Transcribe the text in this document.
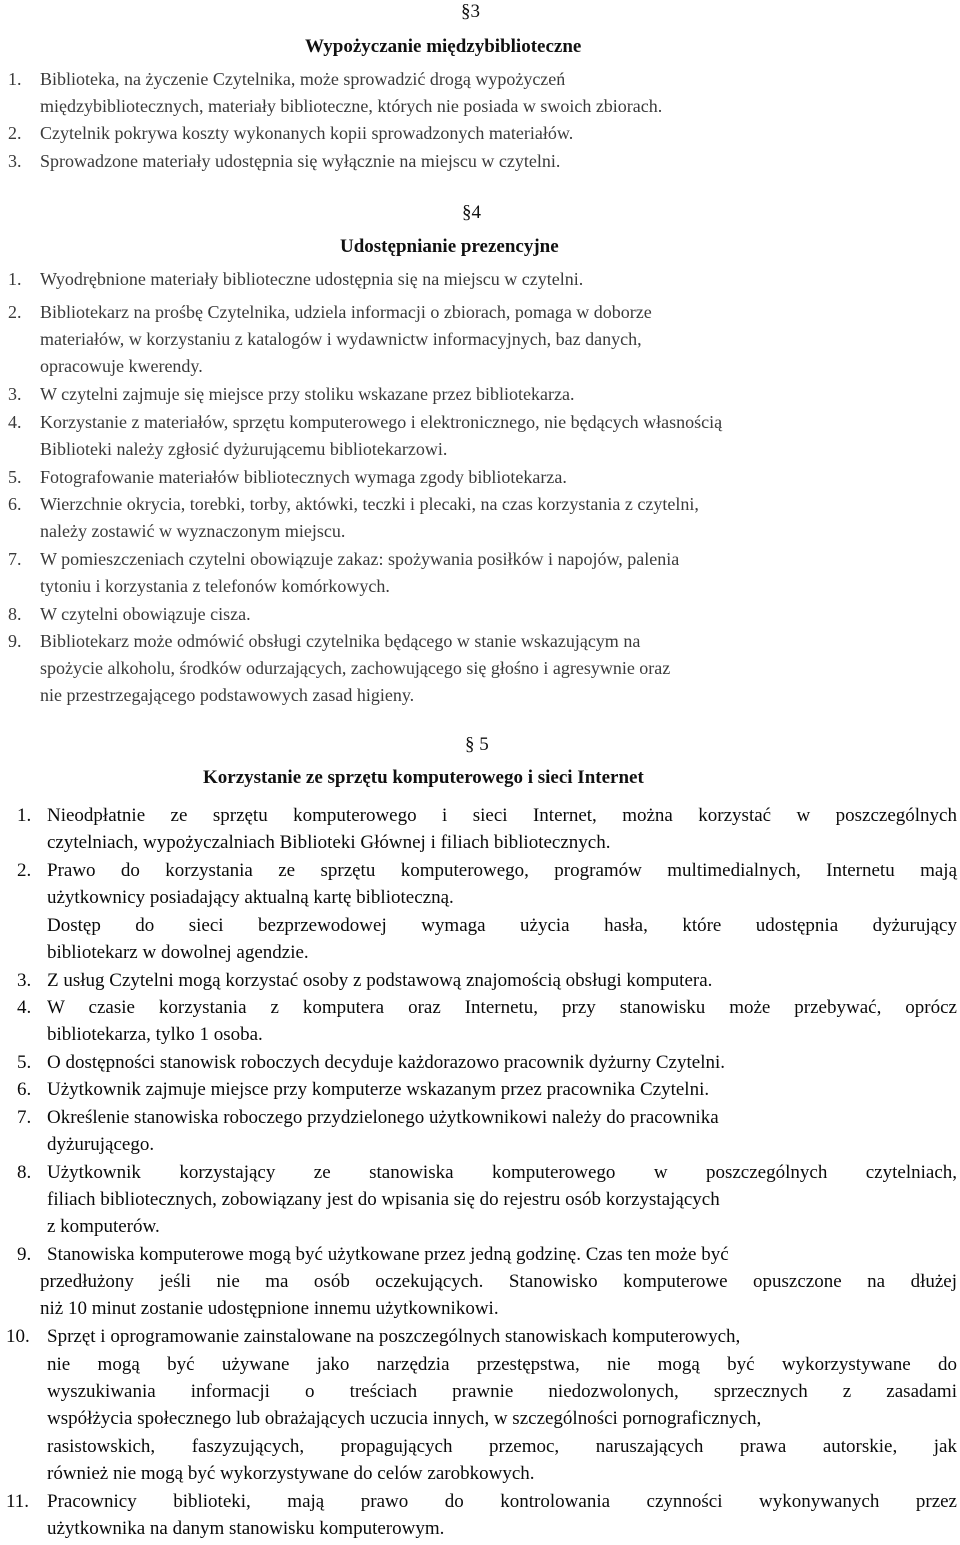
§3
Wypożyczanie międzybiblioteczne
1. Biblioteka, na życzenie Czytelnika, może sprowadzić drogą wypożyczeń
międzybibliotecznych, materiały biblioteczne, których nie posiada w swoich zbiorach.
2. Czytelnik pokrywa koszty wykonanych kopii sprowadzonych materiałów.
3. Sprowadzone materiały udostępnia się wyłącznie na miejscu w czytelni.
§4
Udostępnianie prezencyjne
1. Wyodrębnione materiały biblioteczne udostępnia się na miejscu w czytelni.
2. Bibliotekarz na prośbę Czytelnika, udziela informacji o zbiorach, pomaga w doborze
materiałów, w korzystaniu z katalogów i wydawnictw informacyjnych, baz danych,
opracowuje kwerendy.
3. W czytelni zajmuje się miejsce przy stoliku wskazane przez bibliotekarza.
4. Korzystanie z materiałów, sprzętu komputerowego i elektronicznego, nie będących własnością
Biblioteki należy zgłosić dyżurującemu bibliotekarzowi.
5. Fotografowanie materiałów bibliotecznych wymaga zgody bibliotekarza.
6. Wierzchnie okrycia, torebki, torby, aktówki, teczki i plecaki, na czas korzystania z czytelni,
należy zostawić w wyznaczonym miejscu.
7. W pomieszczeniach czytelni obowiązuje zakaz: spożywania posiłków i napojów, palenia
tytoniu i korzystania z telefonów komórkowych.
8. W czytelni obowiązuje cisza.
9. Bibliotekarz może odmówić obsługi czytelnika będącego w stanie wskazującym na
spożycie alkoholu, środków odurzających, zachowującego się głośno i agresywnie oraz
nie przestrzegającego podstawowych zasad higieny.
§ 5
Korzystanie ze sprzętu komputerowego i sieci Internet
1. Nieodpłatnie ze sprzętu komputerowego i sieci Internet, można korzystać w poszczególnych
czytelniach, wypożyczalniach Biblioteki Głównej i filiach bibliotecznych.
2. Prawo do korzystania ze sprzętu komputerowego, programów multimedialnych, Internetu mają
użytkownicy posiadający aktualną kartę biblioteczną.
Dostęp do sieci bezprzewodowej wymaga użycia hasła, które udostępnia dyżurujący
bibliotekarz w dowolnej agendzie.
3. Z usług Czytelni mogą korzystać osoby z podstawową znajomością obsługi komputera.
4. W czasie korzystania z komputera oraz Internetu, przy stanowisku może przebywać, oprócz
bibliotekarza, tylko 1 osoba.
5. O dostępności stanowisk roboczych decyduje każdorazowo pracownik dyżurny Czytelni.
6. Użytkownik zajmuje miejsce przy komputerze wskazanym przez pracownika Czytelni.
7. Określenie stanowiska roboczego przydzielonego użytkownikowi należy do pracownika
dyżurującego.
8. Użytkownik korzystający ze stanowiska komputerowego w poszczególnych czytelniach,
filiach bibliotecznych, zobowiązany jest do wpisania się do rejestru osób korzystających
z komputerów.
9. Stanowiska komputerowe mogą być użytkowane przez jedną godzinę. Czas ten może być
przedłużony jeśli nie ma osób oczekujących. Stanowisko komputerowe opuszczone na dłużej
niż 10 minut zostanie udostępnione innemu użytkownikowi.
10. Sprzęt i oprogramowanie zainstalowane na poszczególnych stanowiskach komputerowych,
nie mogą być używane jako narzędzia przestępstwa, nie mogą być wykorzystywane do
wyszukiwania informacji o treściach prawnie niedozwolonych, sprzecznych z zasadami
współżycia społecznego lub obrażających uczucia innych, w szczególności pornograficznych,
rasistowskich, faszyzujących, propagujących przemoc, naruszających prawa autorskie, jak
również nie mogą być wykorzystywane do celów zarobkowych.
11. Pracownicy biblioteki, mają prawo do kontrolowania czynności wykonywanych przez
użytkownika na danym stanowisku komputerowym.
